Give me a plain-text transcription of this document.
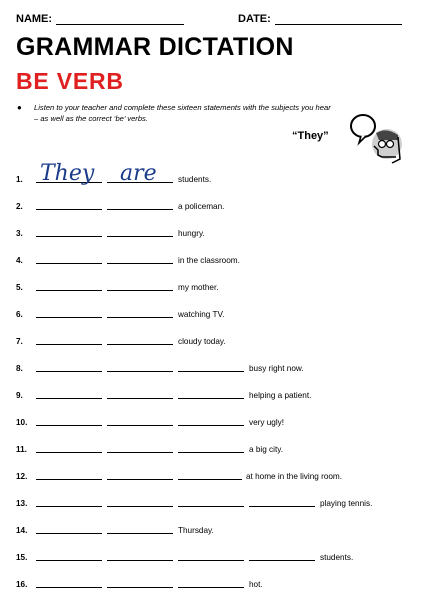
NAME:	DATE:
GRAMMAR DICTATION
BE VERB
● Listen to your teacher and complete these sixteen statements with the subjects you hear – as well as the correct ‘be’ verbs.
“They”
1. They are	students.
2.	a policeman.
3.	hungry.
4.	in the classroom.
5.	my mother.
6.	watching TV.
7.	cloudy today.
8.	busy right now.
9.	helping a patient.
10.	very ugly!
11.	a big city.
12.	at home in the living room.
13.	playing tennis.
14.	Thursday.
15.	students.
16.	hot.
